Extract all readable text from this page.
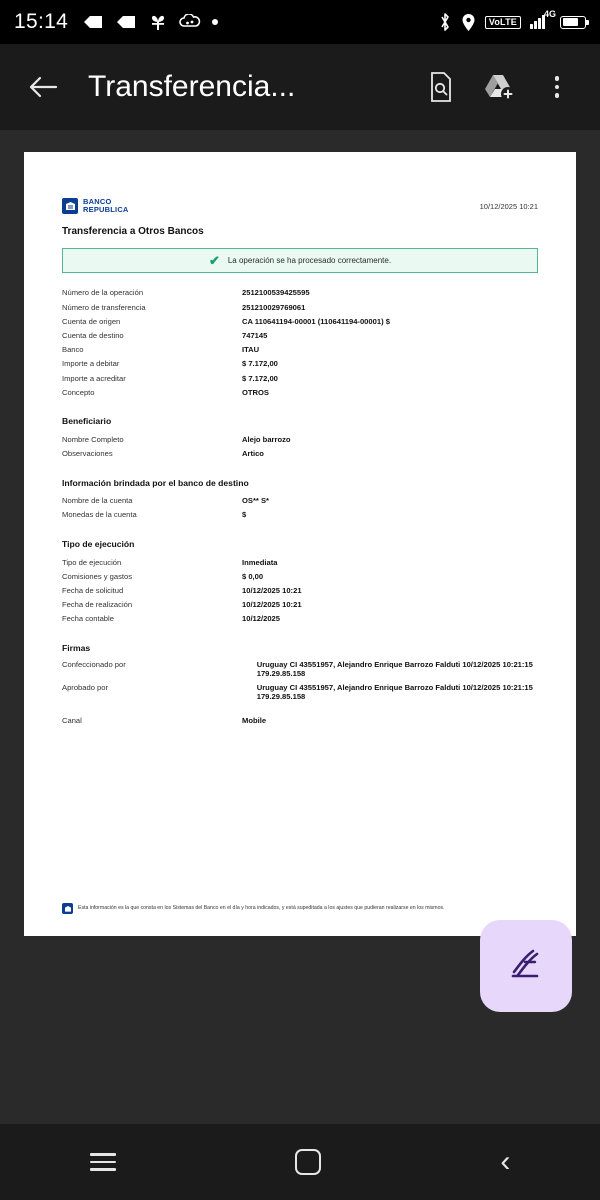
15:14	VoLTE
4G
Transferencia...
BANCO
REPUBLICA	10/12/2025 10:21
Transferencia a Otros Bancos
✔ La operación se ha procesado correctamente.
Número de la operación	2512100539425595
Número de transferencia	251210029769061
Cuenta de origen	CA 110641194-00001 (110641194-00001) $
Cuenta de destino	747145
Banco	ITAU
Importe a debitar	$ 7.172,00
Importe a acreditar	$ 7.172,00
Concepto	OTROS
Beneficiario
Nombre Completo	Alejo barrozo
Observaciones	Artico
Información brindada por el banco de destino
Nombre de la cuenta	OS** S*
Monedas de la cuenta	$
Tipo de ejecución
Tipo de ejecución	Inmediata
Comisiones y gastos	$ 0,00
Fecha de solicitud	10/12/2025 10:21
Fecha de realización	10/12/2025 10:21
Fecha contable	10/12/2025
Firmas
Confeccionado por	Uruguay CI 43551957, Alejandro Enrique Barrozo Falduti 10/12/2025 10:21:15 179.29.85.158
Aprobado por	Uruguay CI 43551957, Alejandro Enrique Barrozo Falduti 10/12/2025 10:21:15 179.29.85.158
Canal	Mobile
Esta información es la que consta en los Sistemas del Banco en el día y hora indicados, y está supeditada a los ajustes que pudieran realizarse en los mismos.
‹
